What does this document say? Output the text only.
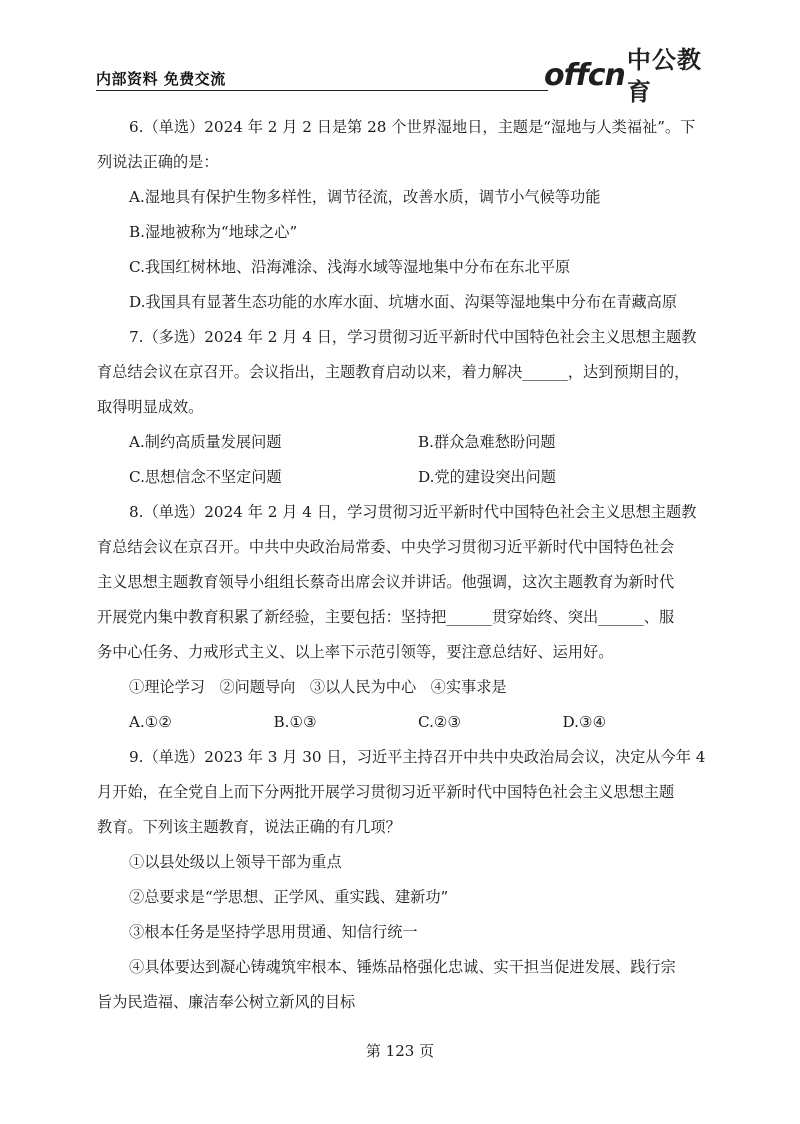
内部资料 免费交流	offcn 中公教育

6.（单选）2024 年 2 月 2 日是第 28 个世界湿地日，主题是“湿地与人类福祉”。下

列说法正确的是：

A.湿地具有保护生物多样性，调节径流，改善水质，调节小气候等功能

B.湿地被称为“地球之心”

C.我国红树林地、沿海滩涂、浅海水域等湿地集中分布在东北平原

D.我国具有显著生态功能的水库水面、坑塘水面、沟渠等湿地集中分布在青藏高原

7.（多选）2024 年 2 月 4 日，学习贯彻习近平新时代中国特色社会主义思想主题教

育总结会议在京召开。会议指出，主题教育启动以来，着力解决______，达到预期目的，

取得明显成效。

A.制约高质量发展问题	B.群众急难愁盼问题
C.思想信念不坚定问题	D.党的建设突出问题

8.（单选）2024 年 2 月 4 日，学习贯彻习近平新时代中国特色社会主义思想主题教

育总结会议在京召开。中共中央政治局常委、中央学习贯彻习近平新时代中国特色社会

主义思想主题教育领导小组组长蔡奇出席会议并讲话。他强调，这次主题教育为新时代

开展党内集中教育积累了新经验，主要包括：坚持把______贯穿始终、突出______、服

务中心任务、力戒形式主义、以上率下示范引领等，要注意总结好、运用好。

①理论学习   ②问题导向   ③以人民为中心   ④实事求是

A.①②	B.①③	C.②③	D.③④

9.（单选）2023 年 3 月 30 日，习近平主持召开中共中央政治局会议，决定从今年 4

月开始，在全党自上而下分两批开展学习贯彻习近平新时代中国特色社会主义思想主题

教育。下列该主题教育，说法正确的有几项？

①以县处级以上领导干部为重点

②总要求是“学思想、正学风、重实践、建新功”

③根本任务是坚持学思用贯通、知信行统一

④具体要达到凝心铸魂筑牢根本、锤炼品格强化忠诚、实干担当促进发展、践行宗

旨为民造福、廉洁奉公树立新风的目标

第 123 页
